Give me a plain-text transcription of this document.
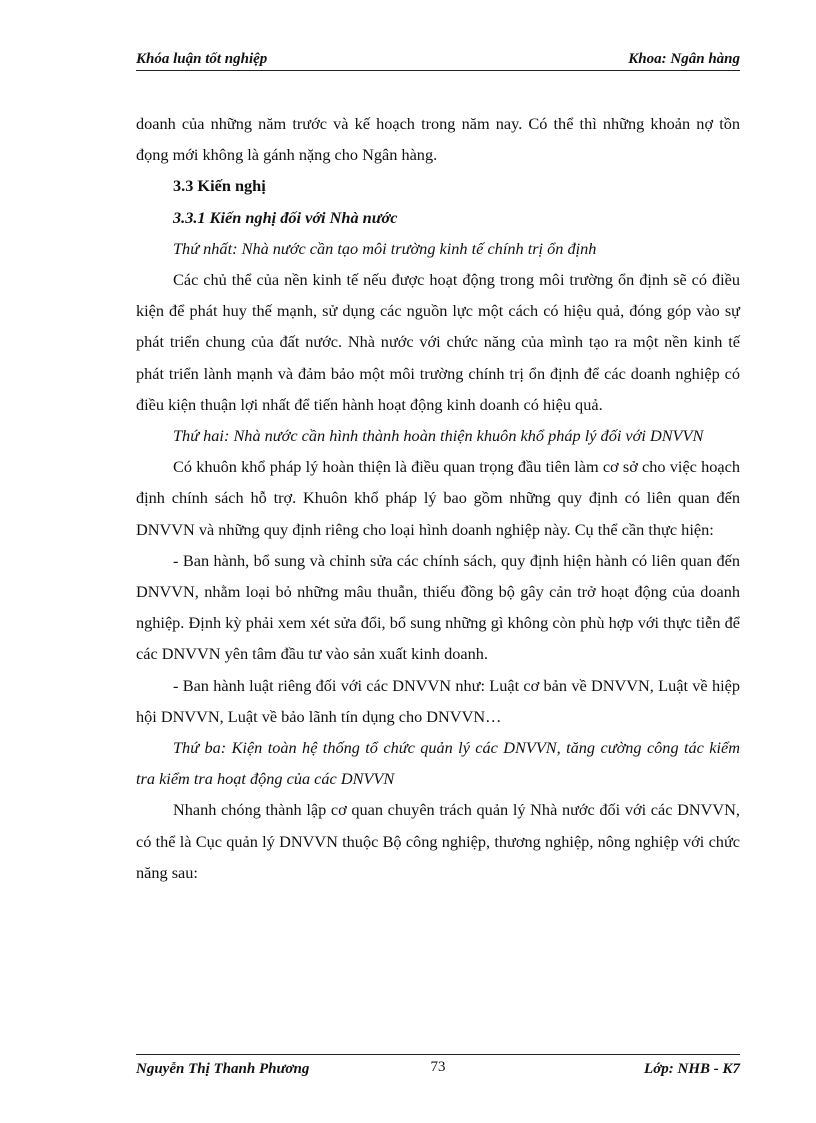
Khóa luận tốt nghiệp	Khoa: Ngân hàng

doanh của những năm trước và kế hoạch trong năm nay. Có thể thì những khoản nợ tồn đọng mới không là gánh nặng cho Ngân hàng.

3.3 Kiến nghị

3.3.1 Kiến nghị đối với Nhà nước

Thứ nhất: Nhà nước cần tạo môi trường kinh tế chính trị ổn định

Các chủ thể của nền kinh tế nếu được hoạt động trong môi trường ổn định sẽ có điều kiện để phát huy thế mạnh, sử dụng các nguồn lực một cách có hiệu quả, đóng góp vào sự phát triển chung của đất nước. Nhà nước với chức năng của mình tạo ra một nền kinh tế phát triển lành mạnh và đảm bảo một môi trường chính trị ổn định để các doanh nghiệp có điều kiện thuận lợi nhất để tiến hành hoạt động kinh doanh có hiệu quả.

Thứ hai: Nhà nước cần hình thành hoàn thiện khuôn khổ pháp lý đối với DNVVN

Có khuôn khổ pháp lý hoàn thiện là điều quan trọng đầu tiên làm cơ sở cho việc hoạch định chính sách hỗ trợ. Khuôn khổ pháp lý bao gồm những quy định có liên quan đến DNVVN và những quy định riêng cho loại hình doanh nghiệp này. Cụ thể cần thực hiện:

- Ban hành, bổ sung và chỉnh sửa các chính sách, quy định hiện hành có liên quan đến DNVVN, nhằm loại bỏ những mâu thuẫn, thiếu đồng bộ gây cản trở hoạt động của doanh nghiệp. Định kỳ phải xem xét sửa đổi, bổ sung những gì không còn phù hợp với thực tiễn để các DNVVN yên tâm đầu tư vào sản xuất kinh doanh.

- Ban hành luật riêng đối với các DNVVN như: Luật cơ bản về DNVVN, Luật về hiệp hội DNVVN, Luật về bảo lãnh tín dụng cho DNVVN…

Thứ ba: Kiện toàn hệ thống tổ chức quản lý các DNVVN, tăng cường công tác kiểm tra kiểm tra hoạt động của các DNVVN

Nhanh chóng thành lập cơ quan chuyên trách quản lý Nhà nước đối với các DNVVN, có thể là Cục quản lý DNVVN thuộc Bộ công nghiệp, thương nghiệp, nông nghiệp với chức năng sau:

Nguyễn Thị Thanh Phương	73	Lớp: NHB - K7
